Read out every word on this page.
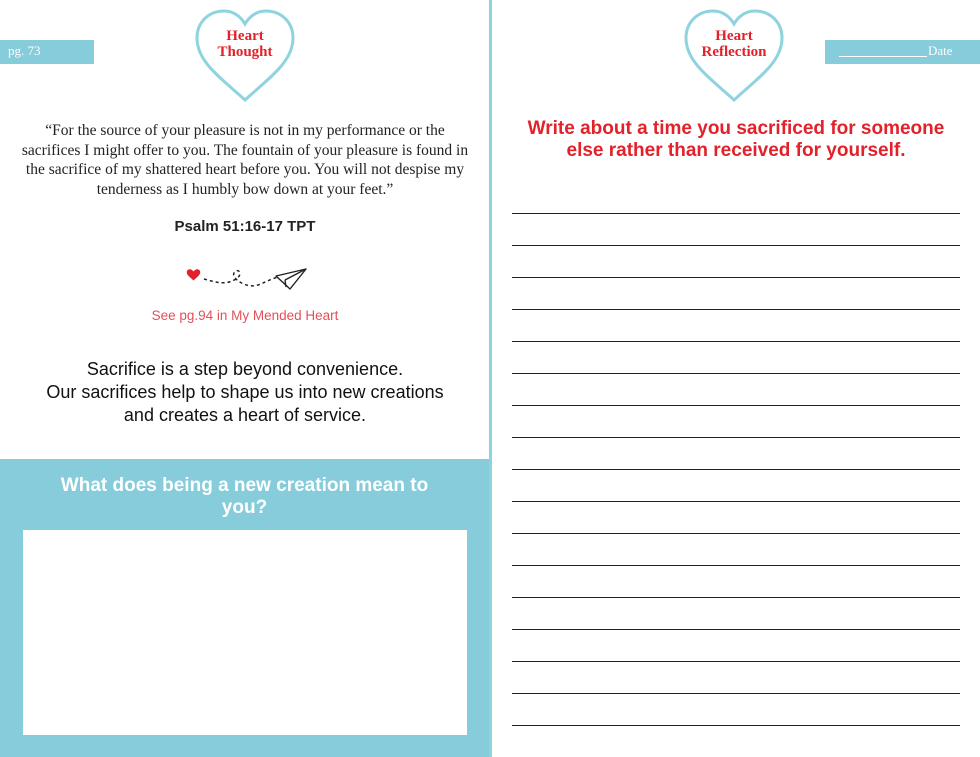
pg. 73
Heart
Thought
“For the source of your pleasure is not in my performance or the sacrifices I might offer to you. The fountain of your pleasure is found in the sacrifice of my shattered heart before you. You will not despise my tenderness as I humbly bow down at your feet.”
Psalm 51:16-17 TPT
See pg.94 in My Mended Heart
Sacrifice is a step beyond convenience.
Our sacrifices help to shape us into new creations
and creates a heart of service.
What does being a new creation mean to you?
Date
Heart
Reflection
Write about a time you sacrificed for someone else rather than received for yourself.
